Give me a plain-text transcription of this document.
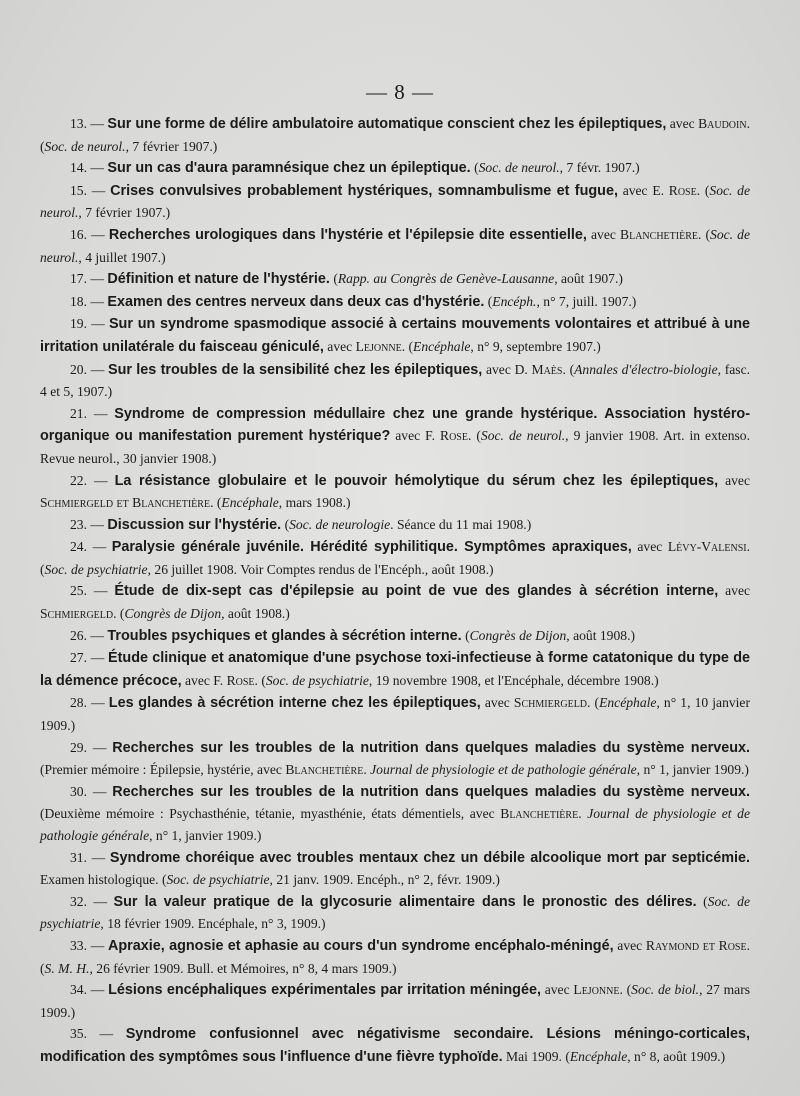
— 8 —

13. — Sur une forme de délire ambulatoire automatique conscient chez les épileptiques, avec Baudoin. (Soc. de neurol., 7 février 1907.)

14. — Sur un cas d'aura paramnésique chez un épileptique. (Soc. de neurol., 7 févr. 1907.)

15. — Crises convulsives probablement hystériques, somnambulisme et fugue, avec E. Rose. (Soc. de neurol., 7 février 1907.)

16. — Recherches urologiques dans l'hystérie et l'épilepsie dite essentielle, avec Blanchetière. (Soc. de neurol., 4 juillet 1907.)

17. — Définition et nature de l'hystérie. (Rapp. au Congrès de Genève-Lausanne, août 1907.)

18. — Examen des centres nerveux dans deux cas d'hystérie. (Encéph., n° 7, juill. 1907.)

19. — Sur un syndrome spasmodique associé à certains mouvements volontaires et attribué à une irritation unilatérale du faisceau géniculé, avec Lejonne. (Encéphale, n° 9, septembre 1907.)

20. — Sur les troubles de la sensibilité chez les épileptiques, avec D. Maès. (Annales d'électro-biologie, fasc. 4 et 5, 1907.)

21. — Syndrome de compression médullaire chez une grande hystérique. Association hystéro-organique ou manifestation purement hystérique? avec F. Rose. (Soc. de neurol., 9 janvier 1908. Art. in extenso. Revue neurol., 30 janvier 1908.)

22. — La résistance globulaire et le pouvoir hémolytique du sérum chez les épileptiques, avec Schmiergeld et Blanchetière. (Encéphale, mars 1908.)

23. — Discussion sur l'hystérie. (Soc. de neurologie. Séance du 11 mai 1908.)

24. — Paralysie générale juvénile. Hérédité syphilitique. Symptômes apraxiques, avec Lévy-Valensi. (Soc. de psychiatrie, 26 juillet 1908. Voir Comptes rendus de l'Encéph., août 1908.)

25. — Étude de dix-sept cas d'épilepsie au point de vue des glandes à sécrétion interne, avec Schmiergeld. (Congrès de Dijon, août 1908.)

26. — Troubles psychiques et glandes à sécrétion interne. (Congrès de Dijon, août 1908.)

27. — Étude clinique et anatomique d'une psychose toxi-infectieuse à forme catatonique du type de la démence précoce, avec F. Rose. (Soc. de psychiatrie, 19 novembre 1908, et l'Encéphale, décembre 1908.)

28. — Les glandes à sécrétion interne chez les épileptiques, avec Schmiergeld. (Encéphale, n° 1, 10 janvier 1909.)

29. — Recherches sur les troubles de la nutrition dans quelques maladies du système nerveux. (Premier mémoire : Épilepsie, hystérie, avec Blanchetière. Journal de physiologie et de pathologie générale, n° 1, janvier 1909.)

30. — Recherches sur les troubles de la nutrition dans quelques maladies du système nerveux. (Deuxième mémoire : Psychasthénie, tétanie, myasthénie, états démentiels, avec Blanchetière. Journal de physiologie et de pathologie générale, n° 1, janvier 1909.)

31. — Syndrome choréique avec troubles mentaux chez un débile alcoolique mort par septicémie. Examen histologique. (Soc. de psychiatrie, 21 janv. 1909. Encéph., n° 2, févr. 1909.)

32. — Sur la valeur pratique de la glycosurie alimentaire dans le pronostic des délires. (Soc. de psychiatrie, 18 février 1909. Encéphale, n° 3, 1909.)

33. — Apraxie, agnosie et aphasie au cours d'un syndrome encéphalo-méningé, avec Raymond et Rose. (S. M. H., 26 février 1909. Bull. et Mémoires, n° 8, 4 mars 1909.)

34. — Lésions encéphaliques expérimentales par irritation méningée, avec Lejonne. (Soc. de biol., 27 mars 1909.)

35. — Syndrome confusionnel avec négativisme secondaire. Lésions méningo-corticales, modification des symptômes sous l'influence d'une fièvre typhoïde. Mai 1909. (Encéphale, n° 8, août 1909.)
